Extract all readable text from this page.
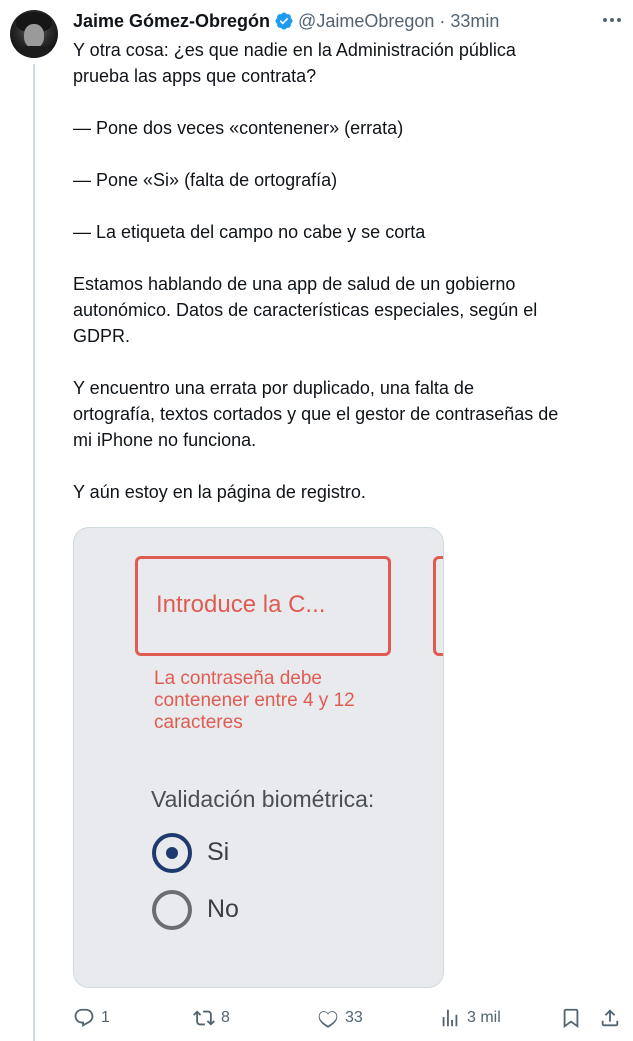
Jaime Gómez-Obregón @JaimeObregon · 33min

Y otra cosa: ¿es que nadie en la Administración pública
prueba las apps que contrata?

— Pone dos veces «contenener» (errata)

— Pone «Si» (falta de ortografía)

— La etiqueta del campo no cabe y se corta

Estamos hablando de una app de salud de un gobierno
autonómico. Datos de características especiales, según el
GDPR.

Y encuentro una errata por duplicado, una falta de
ortografía, textos cortados y que el gestor de contraseñas de
mi iPhone no funciona.

Y aún estoy en la página de registro.

Introduce la C...
La contraseña debe contenener entre 4 y 12 caracteres
Validación biométrica:
Si
No
1	8	33	3 mil
